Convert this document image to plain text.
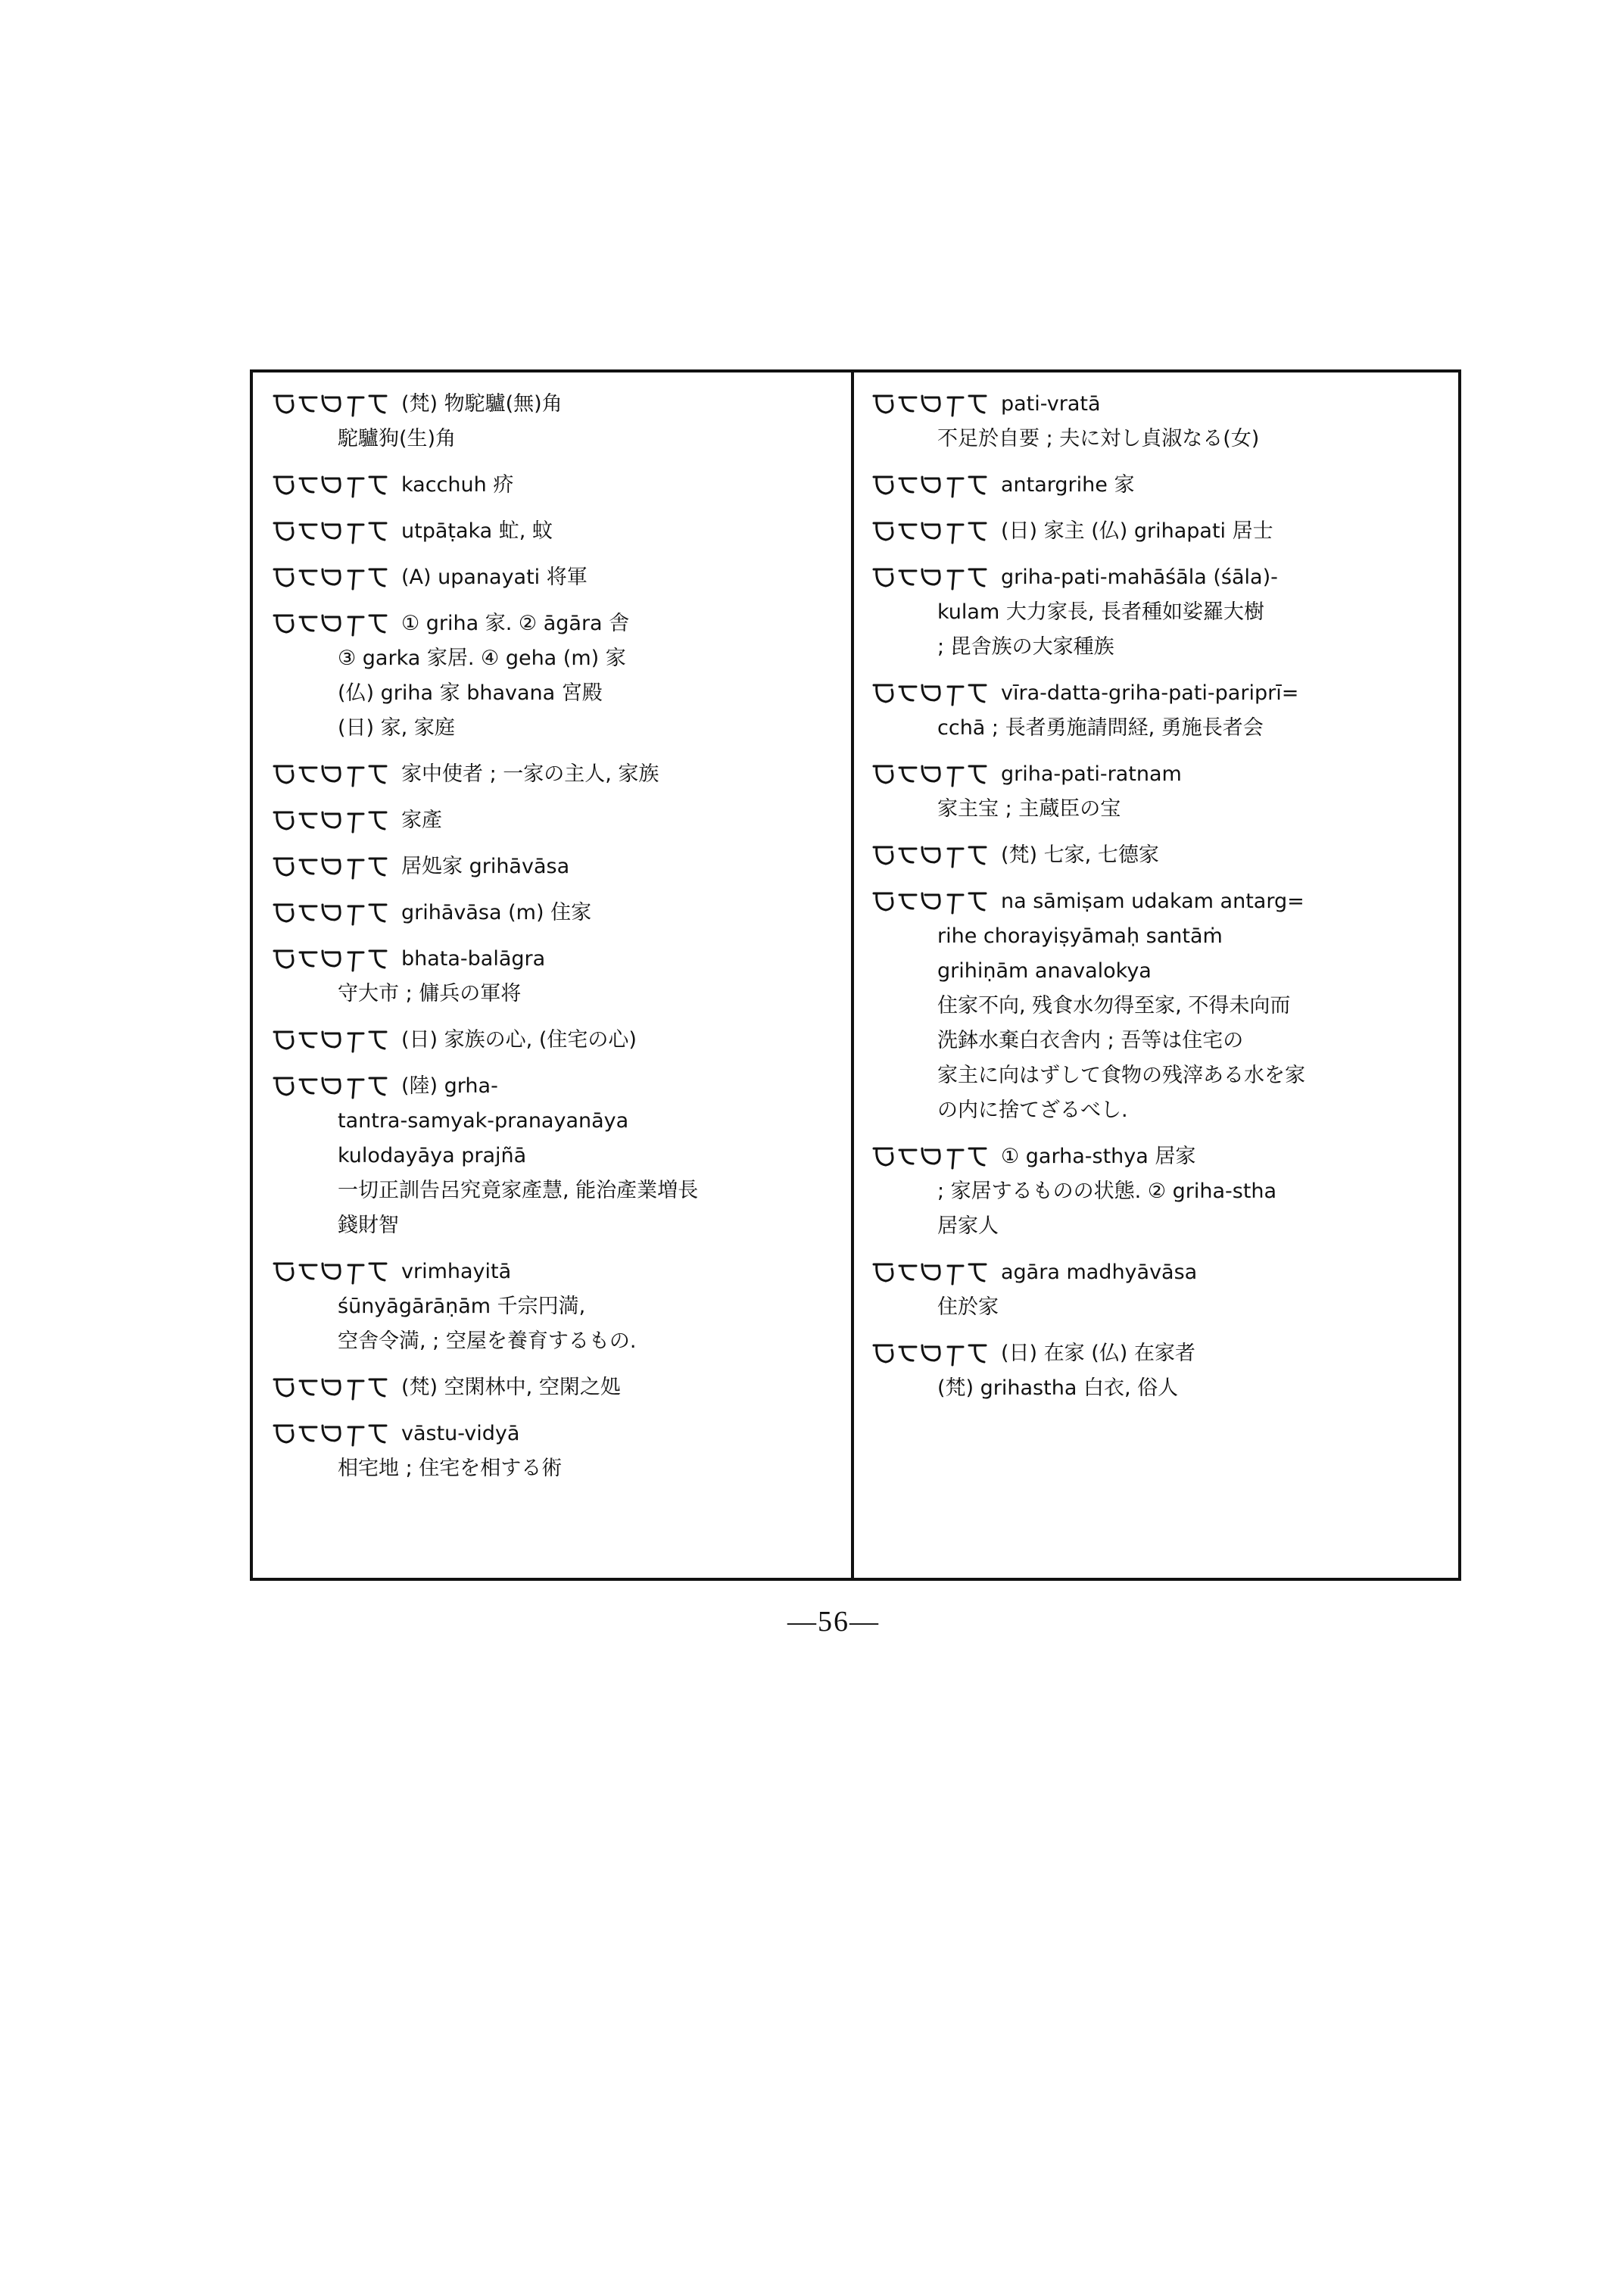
(梵) 物駝驢(無)角
駝驢狗(生)角
kacchuh 疥
utpāṭaka 虻, 蚊
(A) upanayati 将軍
① griha 家. ② āgāra 舎
③ garka 家居. ④ geha (m) 家
(仏) griha 家 bhavana 宮殿
(日) 家, 家庭
家中使者 ; 一家の主人, 家族
家產
居処家 grihāvāsa
grihāvāsa (m) 住家
bhata-balāgra
守大市 ; 傭兵の軍将
(日) 家族の心, (住宅の心)
(陸) grha-
tantra-samyak-pranayanāya
kulodayāya prajñā
一切正訓告呂究竟家產慧, 能治產業増長
錢財智
vrimhayitā
śūnyāgārāṇām 千宗円満,
空舎令満, ; 空屋を養育するもの.
(梵) 空閑林中, 空閑之処
vāstu-vidyā
相宅地 ; 住宅を相する術
pati-vratā
不足於自要 ; 夫に対し貞淑なる(女)
antargrihe 家
(日) 家主 (仏) grihapati 居士
griha-pati-mahāśāla (śāla)-
kulam 大力家長, 長者種如娑羅大樹
; 毘舎族の大家種族
vīra-datta-griha-pati-pariprī=
cchā ; 長者勇施請問経, 勇施長者会
griha-pati-ratnam
家主宝 ; 主蔵臣の宝
(梵) 七家, 七德家
na sāmiṣam udakam antarg=
rihe chorayiṣyāmaḥ santāṁ
grihiṇām anavalokya
住家不向, 残食水勿得至家, 不得未向而
洗鉢水棄白衣舎内 ; 吾等は住宅の
家主に向はずして食物の残滓ある水を家
の内に捨てざるべし.
① garha-sthya 居家
; 家居するものの状態. ② griha-stha
居家人
agāra madhyāvāsa
住於家
(日) 在家 (仏) 在家者
(梵) grihastha 白衣, 俗人
—56—
